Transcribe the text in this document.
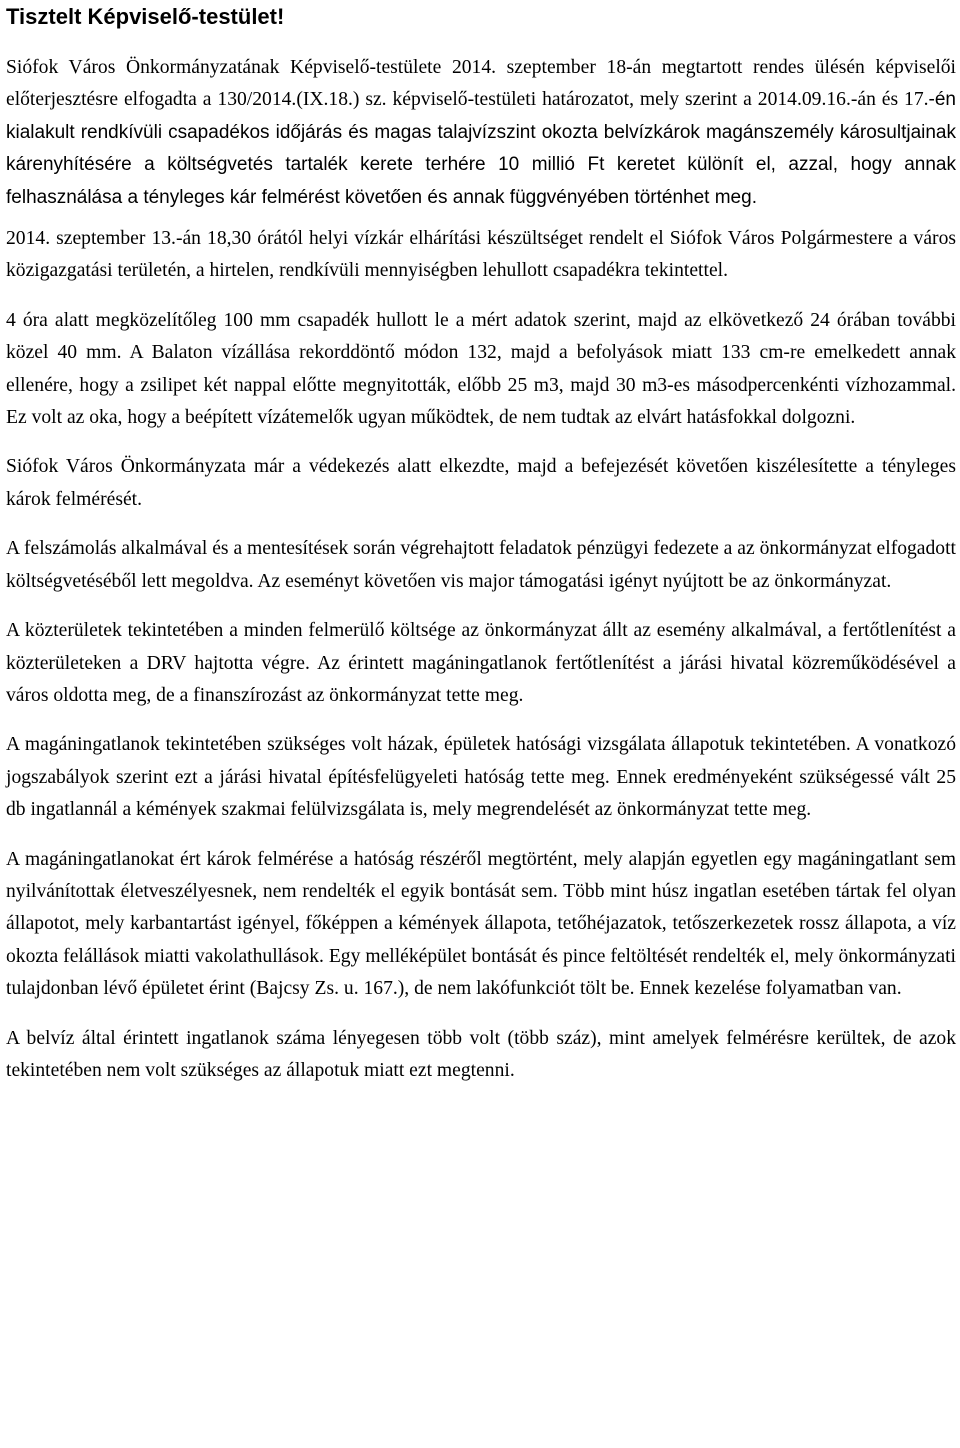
Tisztelt Képviselő-testület!

Siófok Város Önkormányzatának Képviselő-testülete 2014. szeptember 18-án megtartott rendes ülésén képviselői előterjesztésre elfogadta a 130/2014.(IX.18.) sz. képviselő-testületi határozatot, mely szerint a 2014.09.16.-án és 17.-én kialakult rendkívüli csapadékos időjárás és magas talajvízszint okozta belvízkárok magánszemély károsultjainak kárenyhítésére a költségvetés tartalék kerete terhére 10 millió Ft keretet különít el, azzal, hogy annak felhasználása a tényleges kár felmérést követően és annak függvényében történhet meg.

2014. szeptember 13.-án 18,30 órától helyi vízkár elhárítási készültséget rendelt el Siófok Város Polgármestere a város közigazgatási területén, a hirtelen, rendkívüli mennyiségben lehullott csapadékra tekintettel.

4 óra alatt megközelítőleg 100 mm csapadék hullott le a mért adatok szerint, majd az elkövetkező 24 órában további közel 40 mm. A Balaton vízállása rekorddöntő módon 132, majd a befolyások miatt 133 cm-re emelkedett annak ellenére, hogy a zsilipet két nappal előtte megnyitották, előbb 25 m3, majd 30 m3-es másodpercenkénti vízhozammal. Ez volt az oka, hogy a beépített vízátemelők ugyan működtek, de nem tudtak az elvárt hatásfokkal dolgozni.

Siófok Város Önkormányzata már a védekezés alatt elkezdte, majd a befejezését követően kiszélesítette a tényleges károk felmérését.

A felszámolás alkalmával és a mentesítések során végrehajtott feladatok pénzügyi fedezete a az önkormányzat elfogadott költségvetéséből lett megoldva. Az eseményt követően vis major támogatási igényt nyújtott be az önkormányzat.

A közterületek tekintetében a minden felmerülő költsége az önkormányzat állt az esemény alkalmával, a fertőtlenítést a közterületeken a DRV hajtotta végre. Az érintett magáningatlanok fertőtlenítést a járási hivatal közreműködésével a város oldotta meg, de a finanszírozást az önkormányzat tette meg.

A magáningatlanok tekintetében szükséges volt házak, épületek hatósági vizsgálata állapotuk tekintetében. A vonatkozó jogszabályok szerint ezt a járási hivatal építésfelügyeleti hatóság tette meg. Ennek eredményeként szükségessé vált 25 db ingatlannál a kémények szakmai felülvizsgálata is, mely megrendelését az önkormányzat tette meg.

A magáningatlanokat ért károk felmérése a hatóság részéről megtörtént, mely alapján egyetlen egy magáningatlant sem nyilvánítottak életveszélyesnek, nem rendelték el egyik bontását sem. Több mint húsz ingatlan esetében tártak fel olyan állapotot, mely karbantartást igényel, főképpen a kémények állapota, tetőhéjazatok, tetőszerkezetek rossz állapota, a víz okozta felállások miatti vakolathullások. Egy melléképület bontását és pince feltöltését rendelték el, mely önkormányzati tulajdonban lévő épületet érint (Bajcsy Zs. u. 167.), de nem lakófunkciót tölt be. Ennek kezelése folyamatban van.

A belvíz által érintett ingatlanok száma lényegesen több volt (több száz), mint amelyek felmérésre kerültek, de azok tekintetében nem volt szükséges az állapotuk miatt ezt megtenni.
